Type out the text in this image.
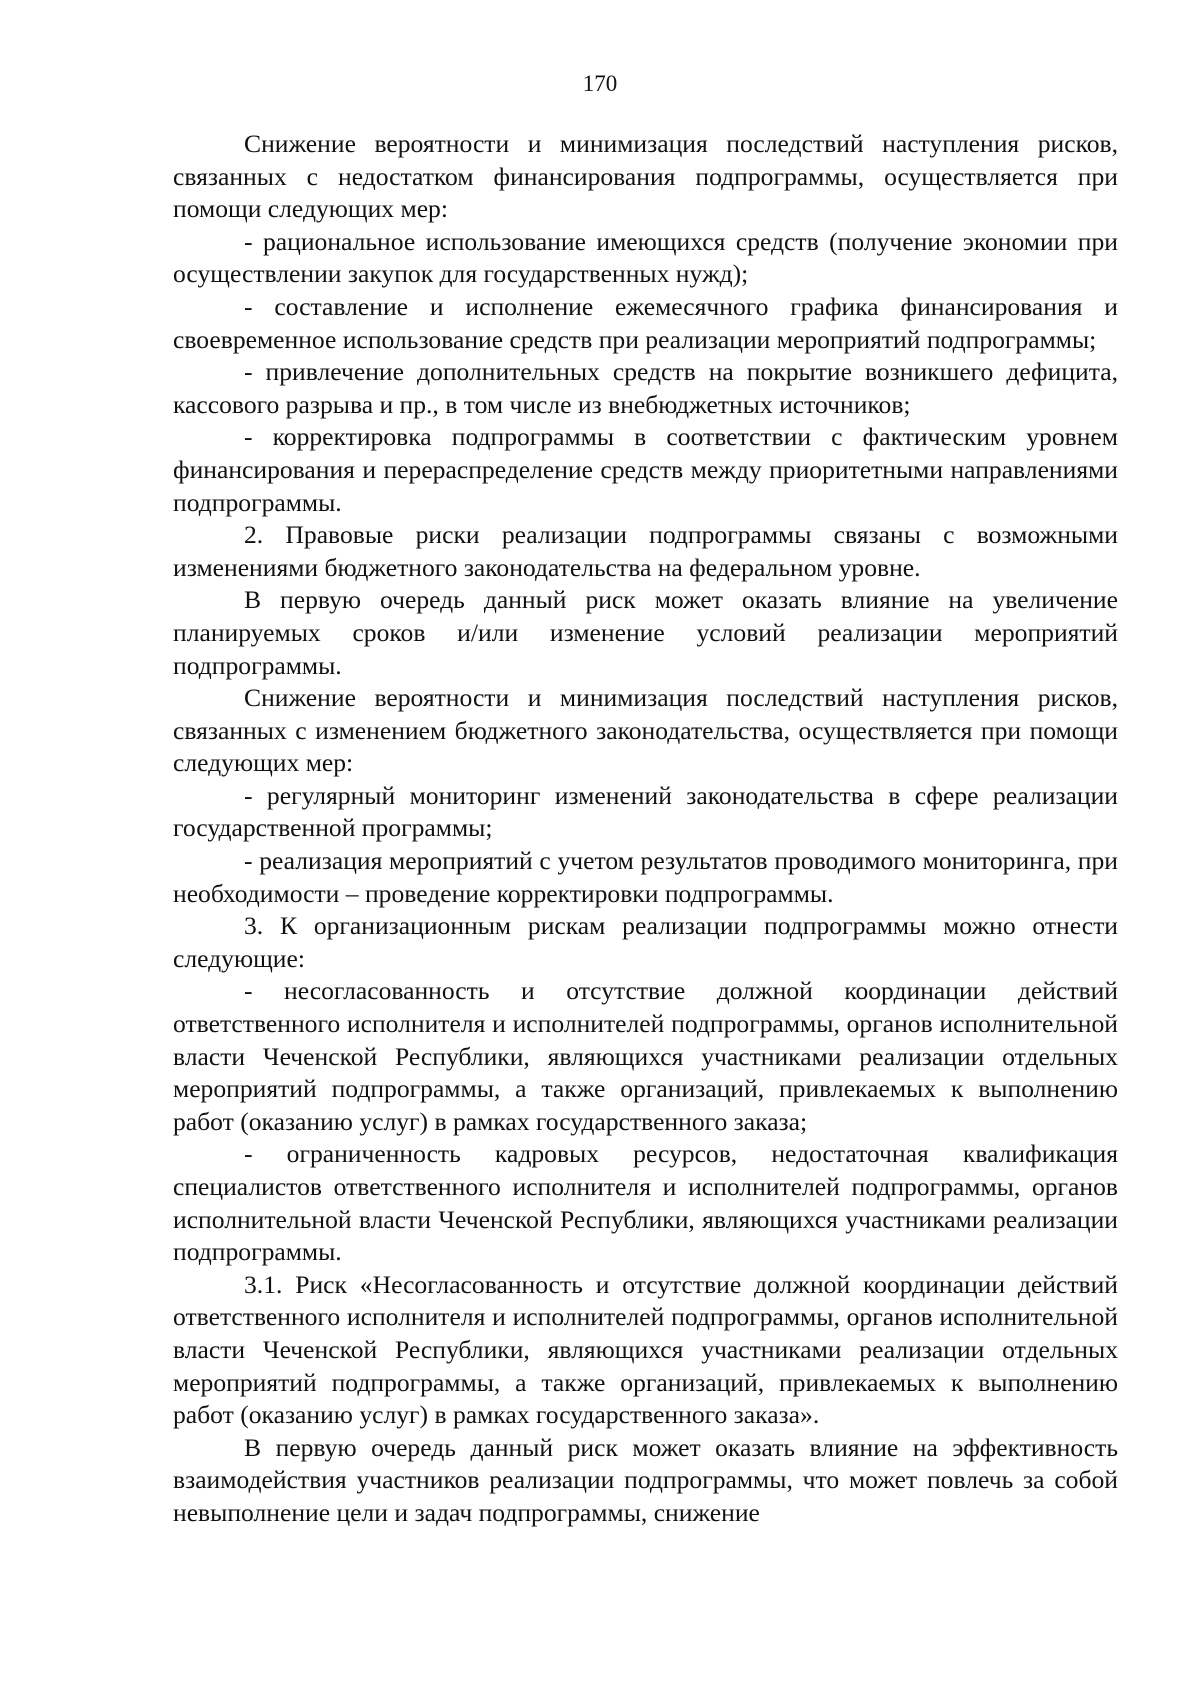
170

Снижение вероятности и минимизация последствий наступления рисков, связанных с недостатком финансирования подпрограммы, осуществляется при помощи следующих мер:

- рациональное использование имеющихся средств (получение экономии при осуществлении закупок для государственных нужд);

- составление и исполнение ежемесячного графика финансирования и своевременное использование средств при реализации мероприятий подпрограммы;

- привлечение дополнительных средств на покрытие возникшего дефицита, кассового разрыва и пр., в том числе из внебюджетных источников;

- корректировка подпрограммы в соответствии с фактическим уровнем финансирования и перераспределение средств между приоритетными направлениями подпрограммы.

2. Правовые риски реализации подпрограммы связаны с возможными изменениями бюджетного законодательства на федеральном уровне.

В первую очередь данный риск может оказать влияние на увеличение планируемых сроков и/или изменение условий реализации мероприятий подпрограммы.

Снижение вероятности и минимизация последствий наступления рисков, связанных с изменением бюджетного законодательства, осуществляется при помощи следующих мер:

- регулярный мониторинг изменений законодательства в сфере реализации государственной программы;

- реализация мероприятий с учетом результатов проводимого мониторинга, при необходимости – проведение корректировки подпрограммы.

3. К организационным рискам реализации подпрограммы можно отнести следующие:

- несогласованность и отсутствие должной координации действий ответственного исполнителя и исполнителей подпрограммы, органов исполнительной власти Чеченской Республики, являющихся участниками реализации отдельных мероприятий подпрограммы, а также организаций, привлекаемых к выполнению работ (оказанию услуг) в рамках государственного заказа;

- ограниченность кадровых ресурсов, недостаточная квалификация специалистов ответственного исполнителя и исполнителей подпрограммы, органов исполнительной власти Чеченской Республики, являющихся участниками реализации подпрограммы.

3.1. Риск «Несогласованность и отсутствие должной координации действий ответственного исполнителя и исполнителей подпрограммы, органов исполнительной власти Чеченской Республики, являющихся участниками реализации отдельных мероприятий подпрограммы, а также организаций, привлекаемых к выполнению работ (оказанию услуг) в рамках государственного заказа».

В первую очередь данный риск может оказать влияние на эффективность взаимодействия участников реализации подпрограммы, что может повлечь за собой невыполнение цели и задач подпрограммы, снижение
